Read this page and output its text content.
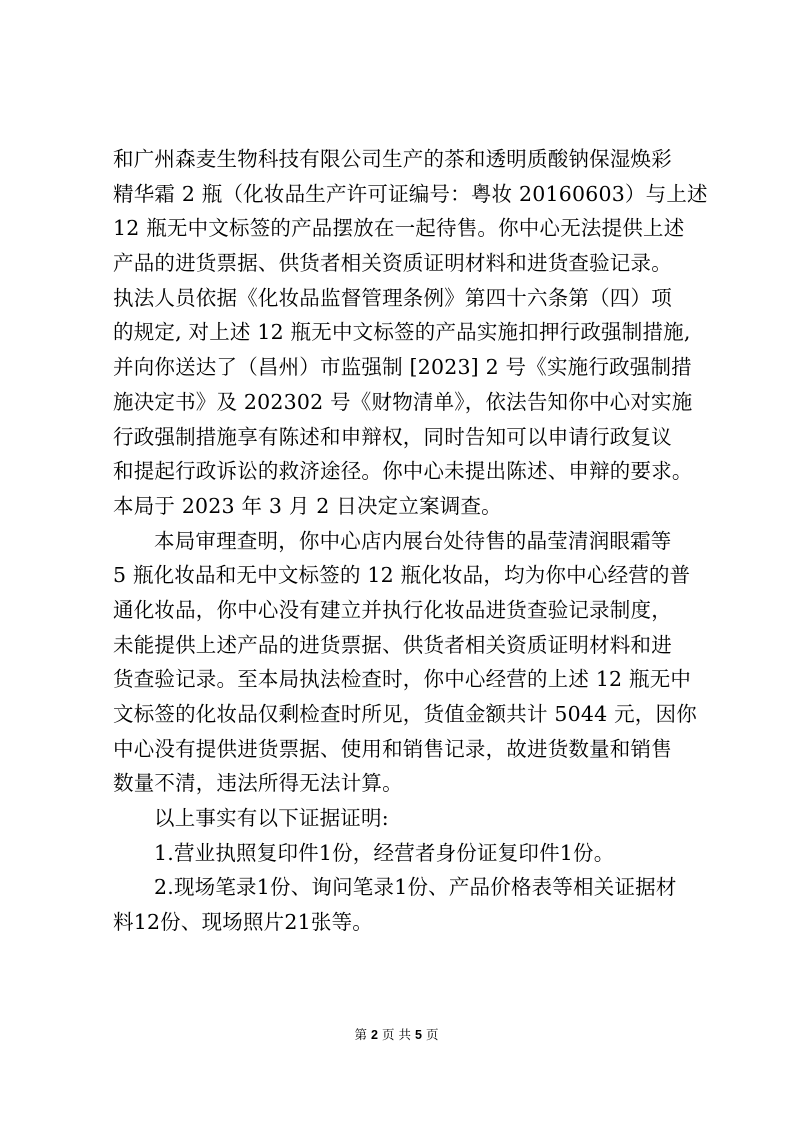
和广州森麦生物科技有限公司生产的茶和透明质酸钠保湿焕彩
精华霜 2 瓶（化妆品生产许可证编号：粤妆 20160603）与上述
12 瓶无中文标签的产品摆放在一起待售。你中心无法提供上述
产品的进货票据、供货者相关资质证明材料和进货查验记录。
执法人员依据《化妆品监督管理条例》第四十六条第（四）项
的规定, 对上述 12 瓶无中文标签的产品实施扣押行政强制措施,
并向你送达了（昌州）市监强制 [2023] 2 号《实施行政强制措
施决定书》及 202302 号《财物清单》，依法告知你中心对实施
行政强制措施享有陈述和申辩权，同时告知可以申请行政复议
和提起行政诉讼的救济途径。你中心未提出陈述、申辩的要求。
本局于 2023 年 3 月 2 日决定立案调查。
本局审理查明，你中心店内展台处待售的晶莹清润眼霜等
5 瓶化妆品和无中文标签的 12 瓶化妆品，均为你中心经营的普
通化妆品，你中心没有建立并执行化妆品进货查验记录制度，
未能提供上述产品的进货票据、供货者相关资质证明材料和进
货查验记录。至本局执法检查时，你中心经营的上述 12 瓶无中
文标签的化妆品仅剩检查时所见，货值金额共计 5044 元，因你
中心没有提供进货票据、使用和销售记录，故进货数量和销售
数量不清，违法所得无法计算。
以上事实有以下证据证明:
1.营业执照复印件1份，经营者身份证复印件1份。
2.现场笔录1份、询问笔录1份、产品价格表等相关证据材
料12份、现场照片21张等。
第 2 页 共 5 页
